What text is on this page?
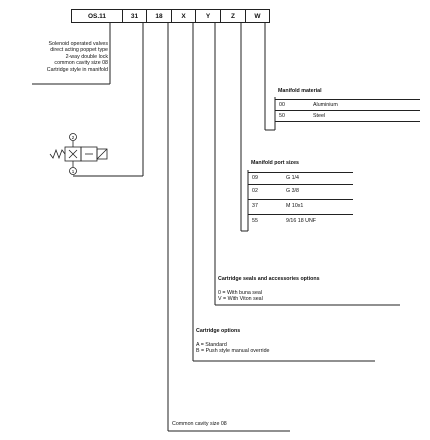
2
1
OS.11	31	18	X	Y	Z	W
Solenoid operated valves
direct acting poppet type
2-way double lock
common cavity size 08
Cartridge style in manifold
Manifold material
00	Aluminium
50	Steel
Manifold port sizes
09	G 1/4
02	G 3/8
37	M 10x1
55	9/16 18 UNF
Cartridge seals and accessories options
0 = With buna seal
V = With Viton seal
Cartridge options
A = Standard
B = Push style manual override
Common cavity size 08
